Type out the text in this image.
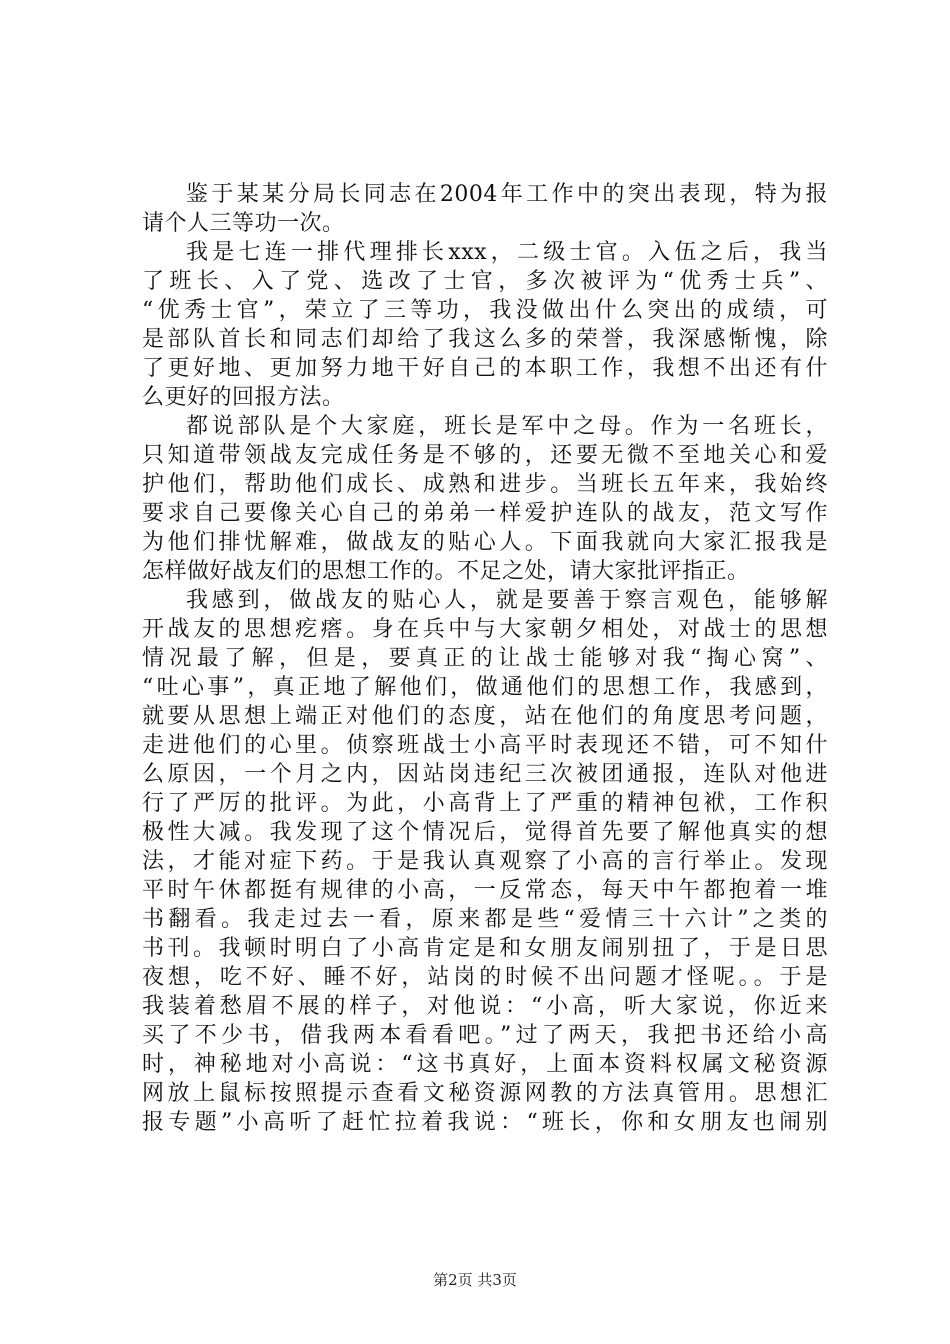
鉴于某某分局长同志在2004年工作中的突出表现，特为报
请个人三等功一次。
我是七连一排代理排长xxx，二级士官。入伍之后，我当
了班长、入了党、选改了士官，多次被评为“优秀士兵”、
“优秀士官”，荣立了三等功，我没做出什么突出的成绩，可
是部队首长和同志们却给了我这么多的荣誉，我深感惭愧，除
了更好地、更加努力地干好自己的本职工作，我想不出还有什
么更好的回报方法。
都说部队是个大家庭，班长是军中之母。作为一名班长，
只知道带领战友完成任务是不够的，还要无微不至地关心和爱
护他们，帮助他们成长、成熟和进步。当班长五年来，我始终
要求自己要像关心自己的弟弟一样爱护连队的战友，范文写作
为他们排忧解难，做战友的贴心人。下面我就向大家汇报我是
怎样做好战友们的思想工作的。不足之处，请大家批评指正。
我感到，做战友的贴心人，就是要善于察言观色，能够解
开战友的思想疙瘩。身在兵中与大家朝夕相处，对战士的思想
情况最了解，但是，要真正的让战士能够对我“掏心窝”、
“吐心事”，真正地了解他们，做通他们的思想工作，我感到，
就要从思想上端正对他们的态度，站在他们的角度思考问题，
走进他们的心里。侦察班战士小高平时表现还不错，可不知什
么原因，一个月之内，因站岗违纪三次被团通报，连队对他进
行了严厉的批评。为此，小高背上了严重的精神包袱，工作积
极性大减。我发现了这个情况后，觉得首先要了解他真实的想
法，才能对症下药。于是我认真观察了小高的言行举止。发现
平时午休都挺有规律的小高，一反常态，每天中午都抱着一堆
书翻看。我走过去一看，原来都是些“爱情三十六计”之类的
书刊。我顿时明白了小高肯定是和女朋友闹别扭了，于是日思
夜想，吃不好、睡不好，站岗的时候不出问题才怪呢。。于是
我装着愁眉不展的样子，对他说：“小高，听大家说，你近来
买了不少书，借我两本看看吧。”过了两天，我把书还给小高
时，神秘地对小高说：“这书真好，上面本资料权属文秘资源
网放上鼠标按照提示查看文秘资源网教的方法真管用。思想汇
报专题”小高听了赶忙拉着我说：“班长，你和女朋友也闹别
第2页 共3页
